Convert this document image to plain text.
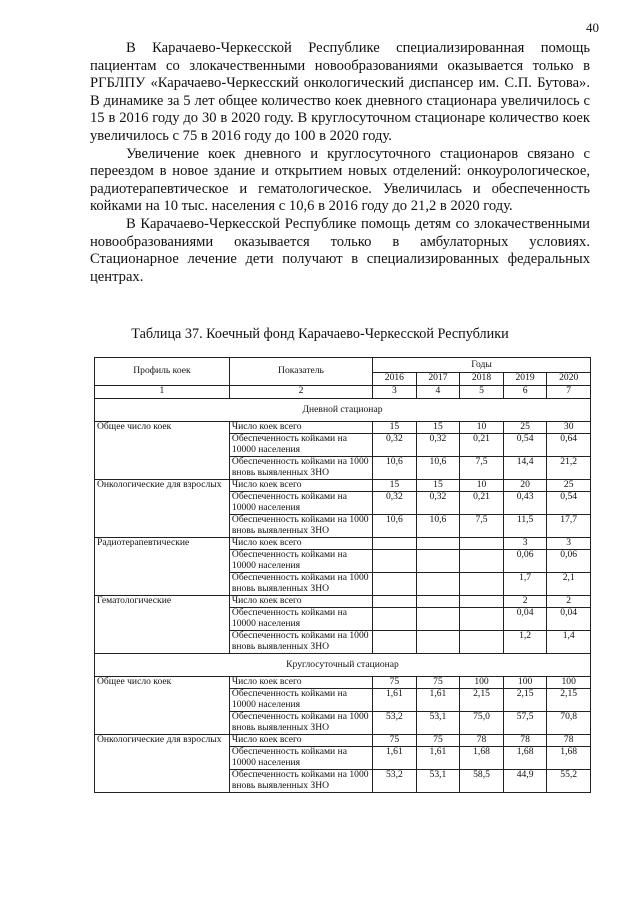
40

В Карачаево-Черкесской Республике специализированная помощь пациентам со злокачественными новообразованиями оказывается только в РГБЛПУ «Карачаево-Черкесский онкологический диспансер им. С.П. Бутова». В динамике за 5 лет общее количество коек дневного стационара увеличилось с 15 в 2016 году до 30 в 2020 году. В круглосуточном стационаре количество коек увеличилось с 75 в 2016 году до 100 в 2020 году.

Увеличение коек дневного и круглосуточного стационаров связано с переездом в новое здание и открытием новых отделений: онкоурологическое, радиотерапевтическое и гематологическое. Увеличилась и обеспеченность койками на 10 тыс. населения с 10,6 в 2016 году до 21,2 в 2020 году.

В Карачаево-Черкесской Республике помощь детям со злокачественными новообразованиями оказывается только в амбулаторных условиях. Стационарное лечение дети получают в специализированных федеральных центрах.

Таблица 37. Коечный фонд Карачаево-Черкесской Республики
Профиль коек	Показатель	Годы				
		2016	2017	2018	2019	2020
1	2	3	4	5	6	7
Дневной стационар						
Общее число коек	Число коек всего	15	15	10	25	30
	Обеспеченность койками на 10000 населения	0,32	0,32	0,21	0,54	0,64
	Обеспеченность койками на 1000 вновь выявленных ЗНО	10,6	10,6	7,5	14,4	21,2
Онкологические для взрослых	Число коек всего	15	15	10	20	25
	Обеспеченность койками на 10000 населения	0,32	0,32	0,21	0,43	0,54
	Обеспеченность койками на 1000 вновь выявленных ЗНО	10,6	10,6	7,5	11,5	17,7
Радиотерапевтические	Число коек всего				3	3
	Обеспеченность койками на 10000 населения				0,06	0,06
	Обеспеченность койками на 1000 вновь выявленных ЗНО				1,7	2,1
Гематологические	Число коек всего				2	2
	Обеспеченность койками на 10000 населения				0,04	0,04
	Обеспеченность койками на 1000 вновь выявленных ЗНО				1,2	1,4
Круглосуточный стационар						
Общее число коек	Число коек всего	75	75	100	100	100
	Обеспеченность койками на 10000 населения	1,61	1,61	2,15	2,15	2,15
	Обеспеченность койками на 1000 вновь выявленных ЗНО	53,2	53,1	75,0	57,5	70,8
Онкологические для взрослых	Число коек всего	75	75	78	78	78
	Обеспеченность койками на 10000 населения	1,61	1,61	1,68	1,68	1,68
	Обеспеченность койками на 1000 вновь выявленных ЗНО	53,2	53,1	58,5	44,9	55,2
